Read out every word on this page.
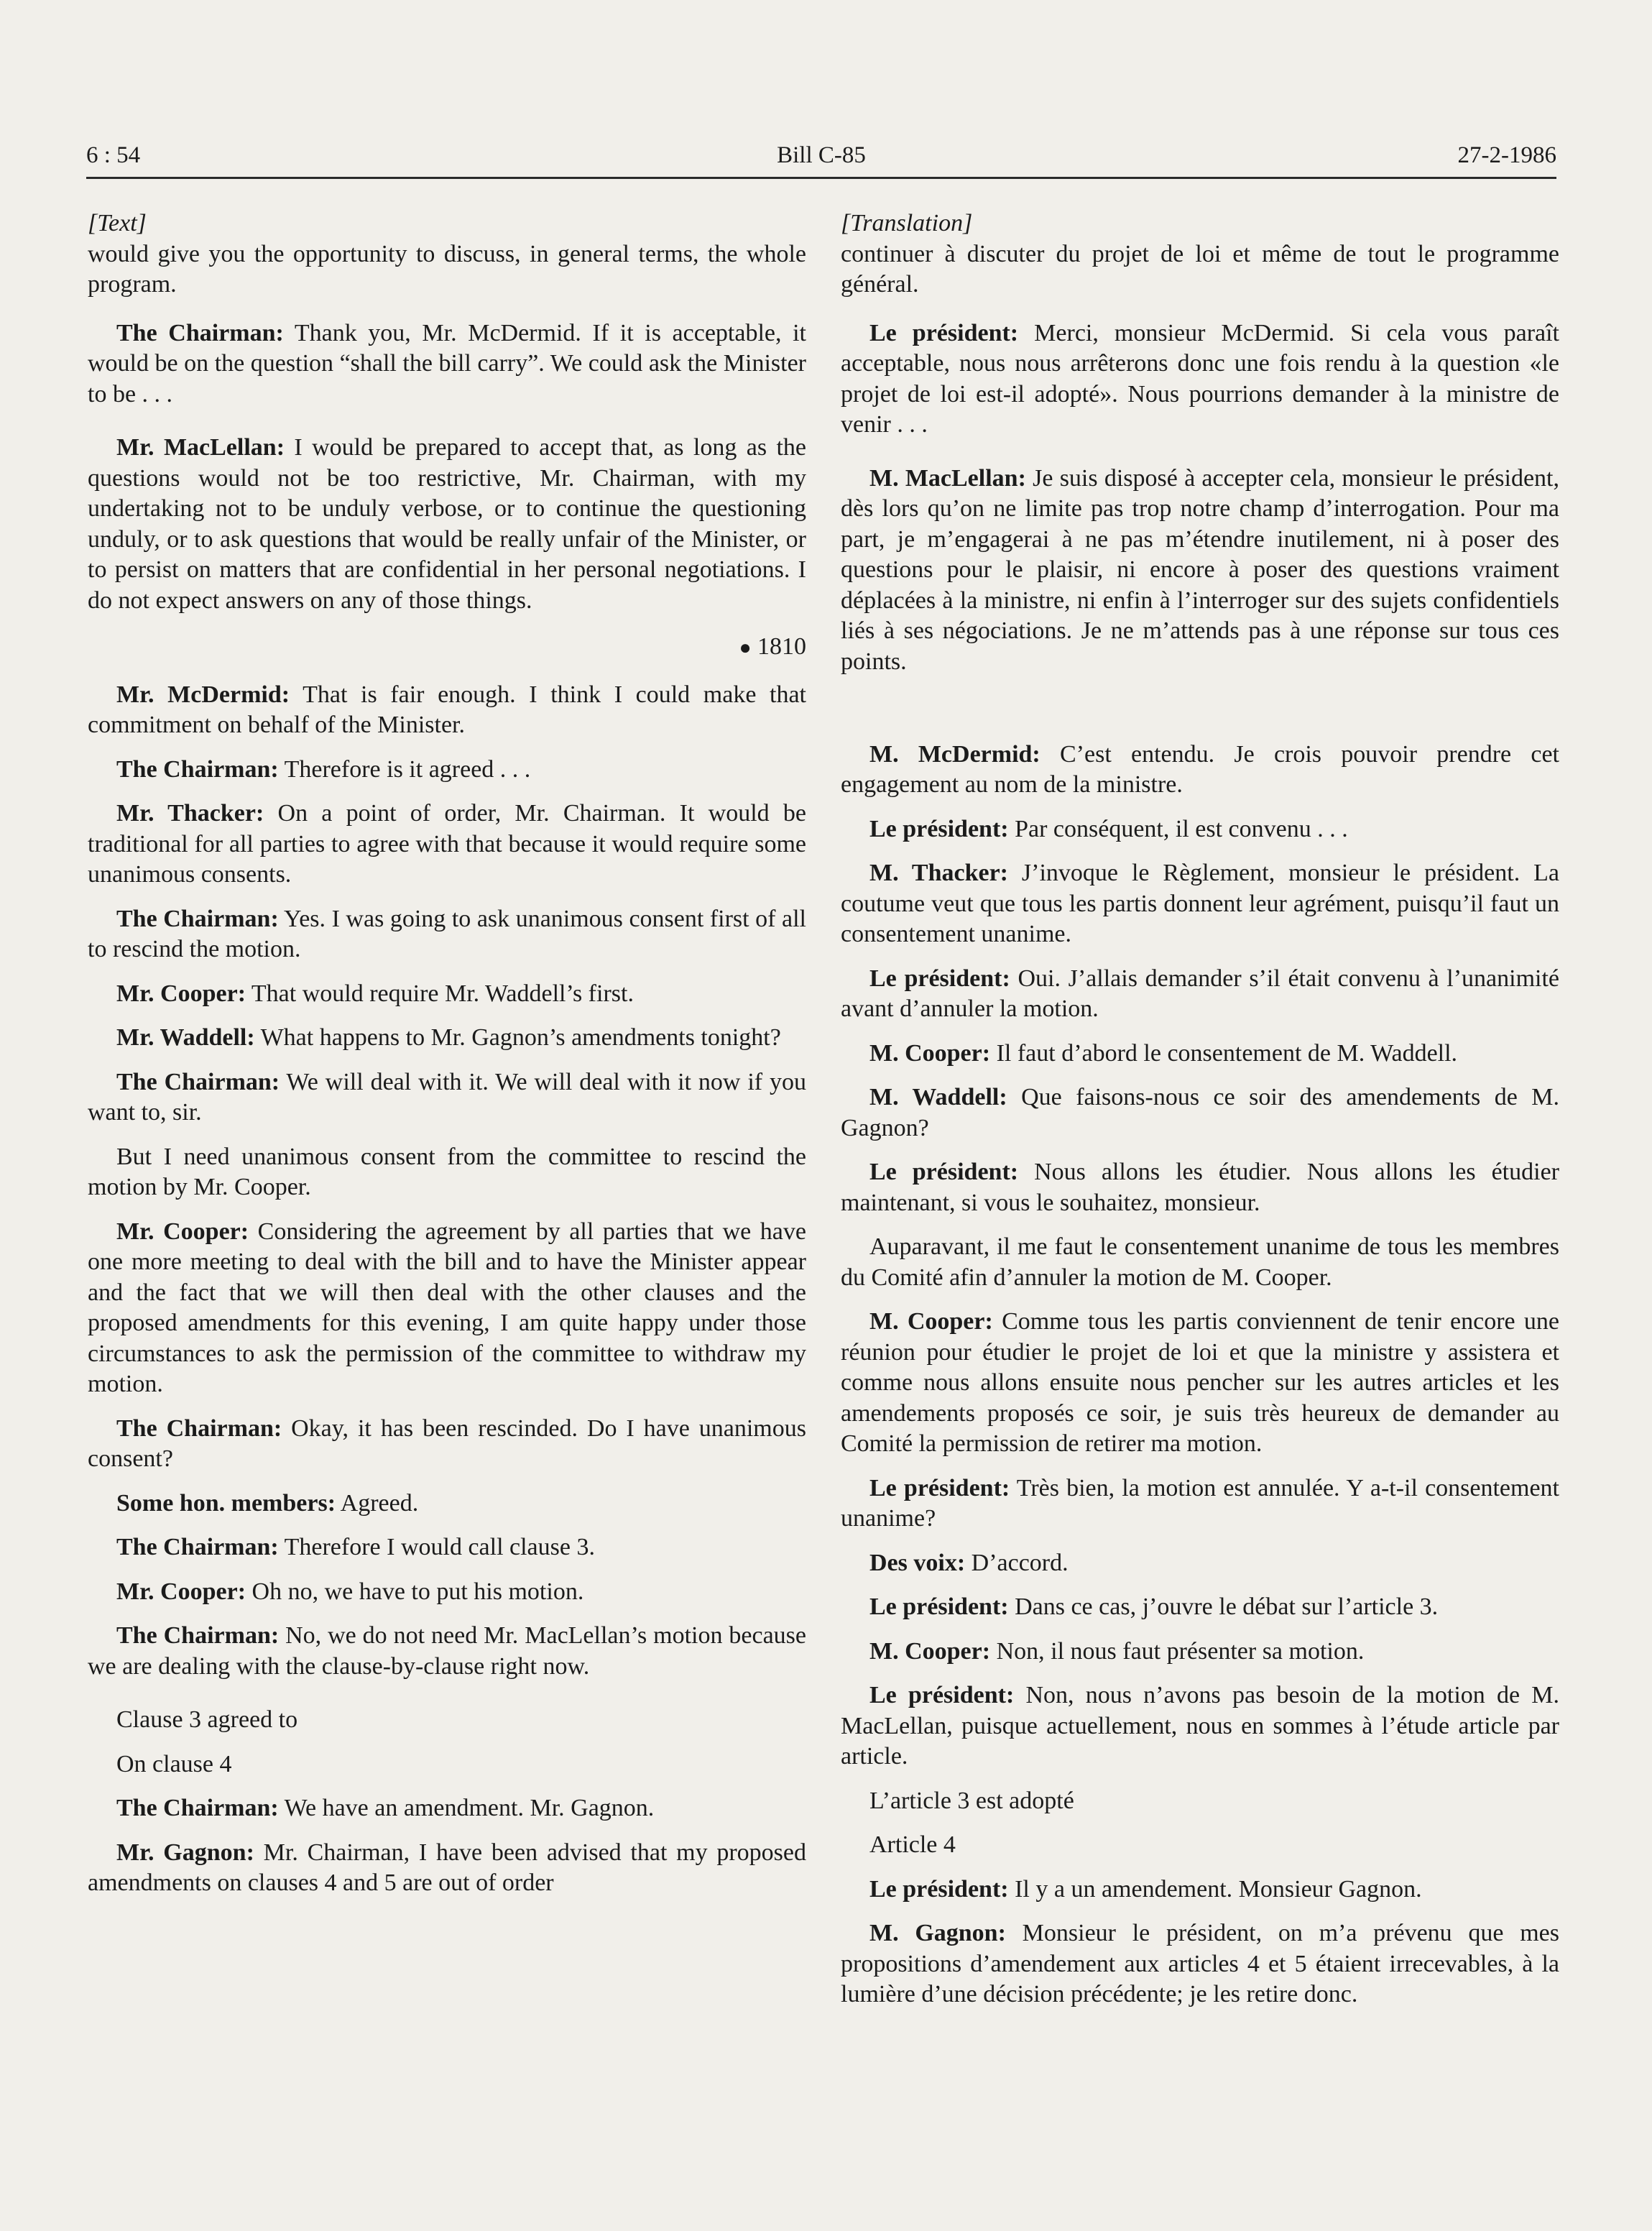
6 : 54	Bill C-85	27-2-1986
[Text]

would give you the opportunity to discuss, in general terms, the whole program.

The Chairman: Thank you, Mr. McDermid. If it is acceptable, it would be on the question “shall the bill carry”. We could ask the Minister to be . . .

Mr. MacLellan: I would be prepared to accept that, as long as the questions would not be too restrictive, Mr. Chairman, with my undertaking not to be unduly verbose, or to continue the questioning unduly, or to ask questions that would be really unfair of the Minister, or to persist on matters that are confidential in her personal negotiations. I do not expect answers on any of those things.

● 1810

Mr. McDermid: That is fair enough. I think I could make that commitment on behalf of the Minister.

The Chairman: Therefore is it agreed . . .

Mr. Thacker: On a point of order, Mr. Chairman. It would be traditional for all parties to agree with that because it would require some unanimous consents.

The Chairman: Yes. I was going to ask unanimous consent first of all to rescind the motion.

Mr. Cooper: That would require Mr. Waddell’s first.

Mr. Waddell: What happens to Mr. Gagnon’s amendments tonight?

The Chairman: We will deal with it. We will deal with it now if you want to, sir.

But I need unanimous consent from the committee to rescind the motion by Mr. Cooper.

Mr. Cooper: Considering the agreement by all parties that we have one more meeting to deal with the bill and to have the Minister appear and the fact that we will then deal with the other clauses and the proposed amendments for this evening, I am quite happy under those circumstances to ask the permission of the committee to withdraw my motion.

The Chairman: Okay, it has been rescinded. Do I have unanimous consent?

Some hon. members: Agreed.

The Chairman: Therefore I would call clause 3.

Mr. Cooper: Oh no, we have to put his motion.

The Chairman: No, we do not need Mr. MacLellan’s motion because we are dealing with the clause-by-clause right now.

Clause 3 agreed to

On clause 4

The Chairman: We have an amendment. Mr. Gagnon.

Mr. Gagnon: Mr. Chairman, I have been advised that my proposed amendments on clauses 4 and 5 are out of order

[Translation]

continuer à discuter du projet de loi et même de tout le programme général.

Le président: Merci, monsieur McDermid. Si cela vous paraît acceptable, nous nous arrêterons donc une fois rendu à la question «le projet de loi est-il adopté». Nous pourrions demander à la ministre de venir . . .

M. MacLellan: Je suis disposé à accepter cela, monsieur le président, dès lors qu’on ne limite pas trop notre champ d’interrogation. Pour ma part, je m’engagerai à ne pas m’étendre inutilement, ni à poser des questions pour le plaisir, ni encore à poser des questions vraiment déplacées à la ministre, ni enfin à l’interroger sur des sujets confidentiels liés à ses négociations. Je ne m’attends pas à une réponse sur tous ces points.

M. McDermid: C’est entendu. Je crois pouvoir prendre cet engagement au nom de la ministre.

Le président: Par conséquent, il est convenu . . .

M. Thacker: J’invoque le Règlement, monsieur le président. La coutume veut que tous les partis donnent leur agrément, puisqu’il faut un consentement unanime.

Le président: Oui. J’allais demander s’il était convenu à l’unanimité avant d’annuler la motion.

M. Cooper: Il faut d’abord le consentement de M. Waddell.

M. Waddell: Que faisons-nous ce soir des amendements de M. Gagnon?

Le président: Nous allons les étudier. Nous allons les étudier maintenant, si vous le souhaitez, monsieur.

Auparavant, il me faut le consentement unanime de tous les membres du Comité afin d’annuler la motion de M. Cooper.

M. Cooper: Comme tous les partis conviennent de tenir encore une réunion pour étudier le projet de loi et que la ministre y assistera et comme nous allons ensuite nous pencher sur les autres articles et les amendements proposés ce soir, je suis très heureux de demander au Comité la permission de retirer ma motion.

Le président: Très bien, la motion est annulée. Y a-t-il consentement unanime?

Des voix: D’accord.

Le président: Dans ce cas, j’ouvre le débat sur l’article 3.

M. Cooper: Non, il nous faut présenter sa motion.

Le président: Non, nous n’avons pas besoin de la motion de M. MacLellan, puisque actuellement, nous en sommes à l’étude article par article.

L’article 3 est adopté

Article 4

Le président: Il y a un amendement. Monsieur Gagnon.

M. Gagnon: Monsieur le président, on m’a prévenu que mes propositions d’amendement aux articles 4 et 5 étaient irrecevables, à la lumière d’une décision précédente; je les retire donc.
